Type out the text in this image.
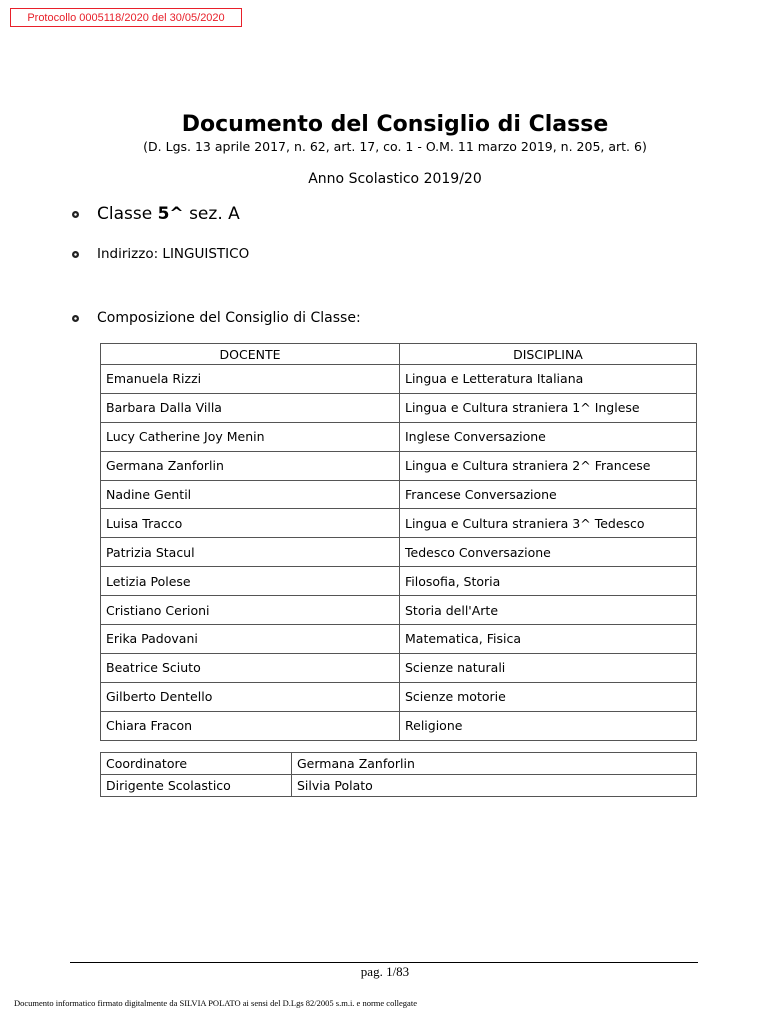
Protocollo 0005118/2020 del 30/05/2020
Documento del Consiglio di Classe
(D. Lgs. 13 aprile 2017, n. 62, art. 17, co. 1 - O.M. 11 marzo 2019, n. 205, art. 6)
Anno Scolastico 2019/20
Classe
5^
sez. A
Indirizzo: LINGUISTICO
Composizione del Consiglio di Classe:
DOCENTE	DISCIPLINA
Emanuela Rizzi	Lingua e Letteratura Italiana
Barbara Dalla Villa	Lingua e Cultura straniera 1^ Inglese
Lucy Catherine Joy Menin	Inglese Conversazione
Germana Zanforlin	Lingua e Cultura straniera 2^ Francese
Nadine Gentil	Francese Conversazione
Luisa Tracco	Lingua e Cultura straniera 3^ Tedesco
Patrizia Stacul	Tedesco Conversazione
Letizia Polese	Filosofia, Storia
Cristiano Cerioni	Storia dell'Arte
Erika Padovani	Matematica, Fisica
Beatrice Sciuto	Scienze naturali
Gilberto Dentello	Scienze motorie
Chiara Fracon	Religione
Coordinatore	Germana Zanforlin
Dirigente Scolastico	Silvia Polato
pag. 1/83
Documento informatico firmato digitalmente da SILVIA POLATO ai sensi del D.Lgs 82/2005 s.m.i. e norme collegate
